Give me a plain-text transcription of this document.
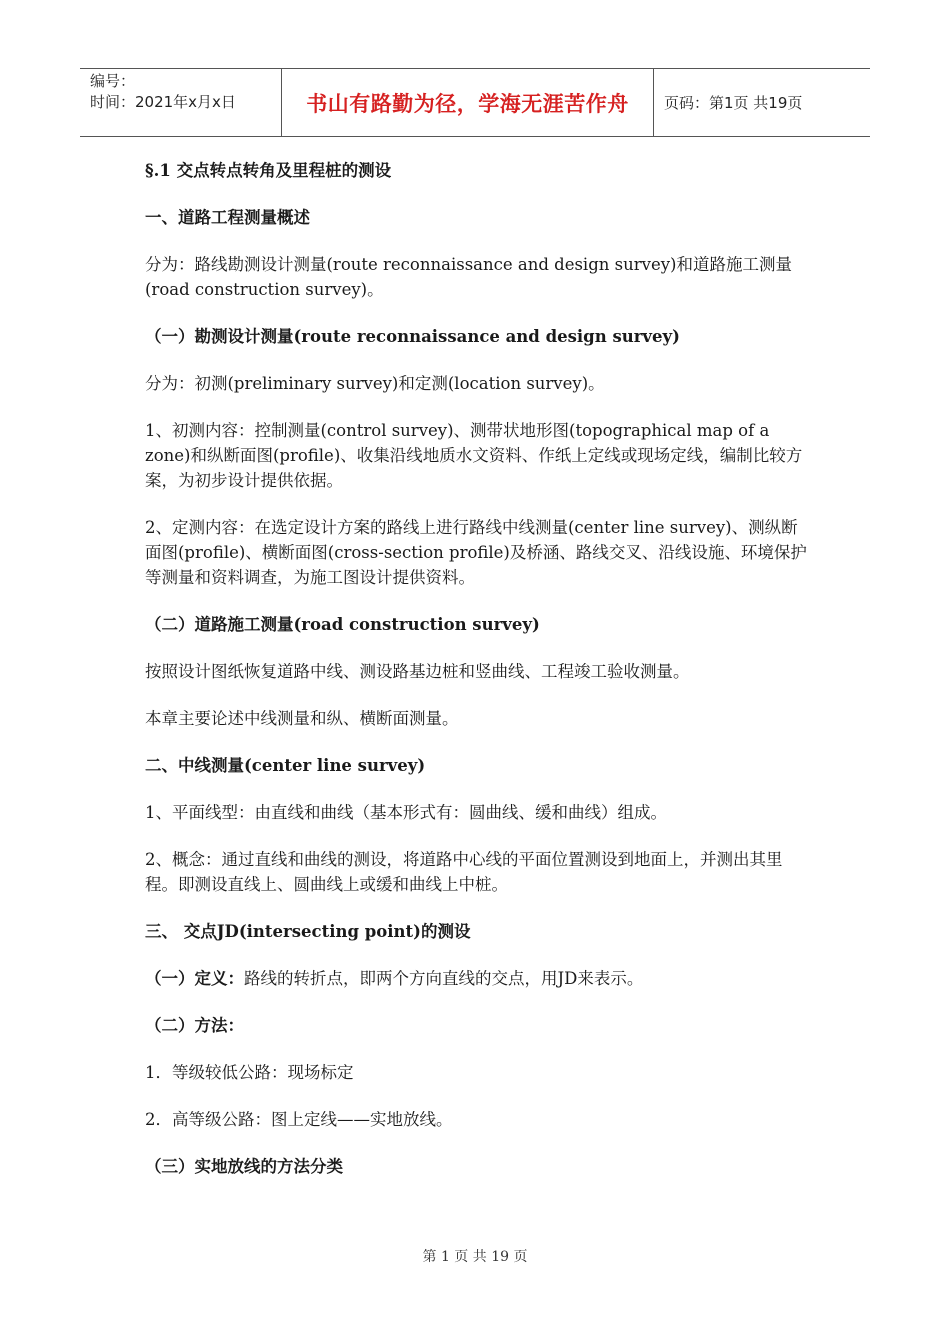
编号：
时间：2021年x月x日	书山有路勤为径，学海无涯苦作舟	页码：第1页 共19页
§.1 交点转点转角及里程桩的测设
一、道路工程测量概述
分为：路线勘测设计测量(route reconnaissance and design survey)和道路施工测量(road construction survey)。
（一）勘测设计测量(route reconnaissance and design survey)
分为：初测(preliminary survey)和定测(location survey)。
1、初测内容：控制测量(control survey)、测带状地形图(topographical map of a zone)和纵断面图(profile)、收集沿线地质水文资料、作纸上定线或现场定线，编制比较方案，为初步设计提供依据。
2、定测内容：在选定设计方案的路线上进行路线中线测量(center line survey)、测纵断面图(profile)、横断面图(cross-section profile)及桥涵、路线交叉、沿线设施、环境保护等测量和资料调查，为施工图设计提供资料。
（二）道路施工测量(road construction survey)
按照设计图纸恢复道路中线、测设路基边桩和竖曲线、工程竣工验收测量。
本章主要论述中线测量和纵、横断面测量。
二、中线测量(center line survey)
1、平面线型：由直线和曲线（基本形式有：圆曲线、缓和曲线）组成。
2、概念：通过直线和曲线的测设，将道路中心线的平面位置测设到地面上，并测出其里程。即测设直线上、圆曲线上或缓和曲线上中桩。
三、 交点JD(intersecting point)的测设
（一）定义：路线的转折点，即两个方向直线的交点，用JD来表示。
（二）方法：
1．等级较低公路：现场标定
2．高等级公路：图上定线——实地放线。
（三）实地放线的方法分类
第 1 页 共 19 页
